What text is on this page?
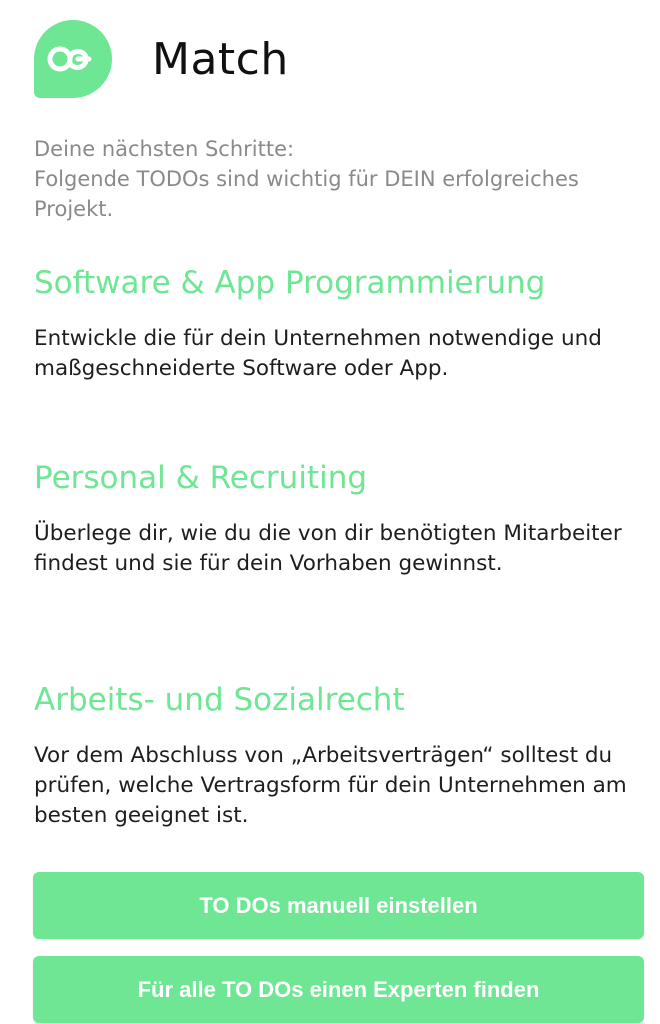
Match
Deine nächsten Schritte:
Folgende TODOs sind wichtig für DEIN erfolgreiches
Projekt.
Software & App Programmierung
Entwickle die für dein Unternehmen notwendige und maßgeschneiderte Software oder App.
Personal & Recruiting
Überlege dir, wie du die von dir benötigten Mitarbeiter findest und sie für dein Vorhaben gewinnst.
Arbeits- und Sozialrecht
Vor dem Abschluss von „Arbeitsverträgen“ solltest du prüfen, welche Vertragsform für dein Unternehmen am besten geeignet ist.
TO DOs manuell einstellen
Für alle TO DOs einen Experten finden
